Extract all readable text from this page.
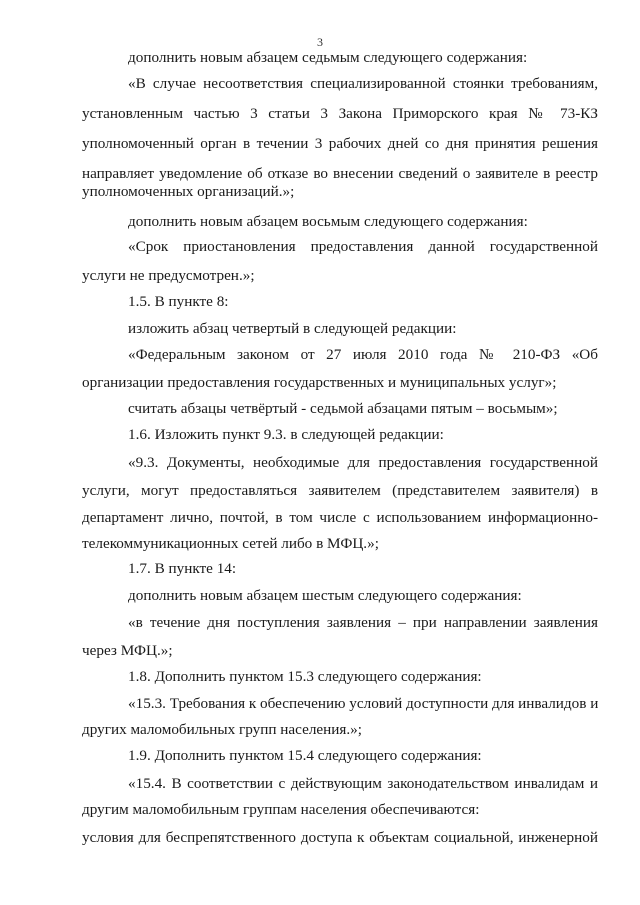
3
дополнить новым абзацем седьмым следующего содержания:
«В случае несоответствия специализированной стоянки требованиям,
установленным частью 3 статьи 3 Закона Приморского края № 73-КЗ
уполномоченный орган в течении 3 рабочих дней со дня принятия решения
направляет уведомление об отказе во внесении сведений о заявителе в реестр
уполномоченных организаций.»;
дополнить новым абзацем восьмым следующего содержания:
«Срок приостановления предоставления данной государственной
услуги не предусмотрен.»;
1.5. В пункте 8:
изложить абзац четвертый в следующей редакции:
«Федеральным законом от 27 июля 2010 года № 210-ФЗ «Об
организации предоставления государственных и муниципальных услуг»;
считать абзацы четвёртый - седьмой абзацами пятым – восьмым»;
1.6. Изложить пункт 9.3. в следующей редакции:
«9.3. Документы, необходимые для предоставления государственной
услуги, могут предоставляться заявителем (представителем заявителя) в
департамент лично, почтой, в том числе с использованием информационно-
телекоммуникационных сетей либо в МФЦ.»;
1.7. В пункте 14:
дополнить новым абзацем шестым следующего содержания:
«в течение дня поступления заявления – при направлении заявления
через МФЦ.»;
1.8. Дополнить пунктом 15.3 следующего содержания:
«15.3. Требования к обеспечению условий доступности для инвалидов и
других маломобильных групп населения.»;
1.9. Дополнить пунктом 15.4 следующего содержания:
«15.4. В соответствии с действующим законодательством инвалидам и
другим маломобильным группам населения обеспечиваются:
условия для беспрепятственного доступа к объектам социальной, инженерной
